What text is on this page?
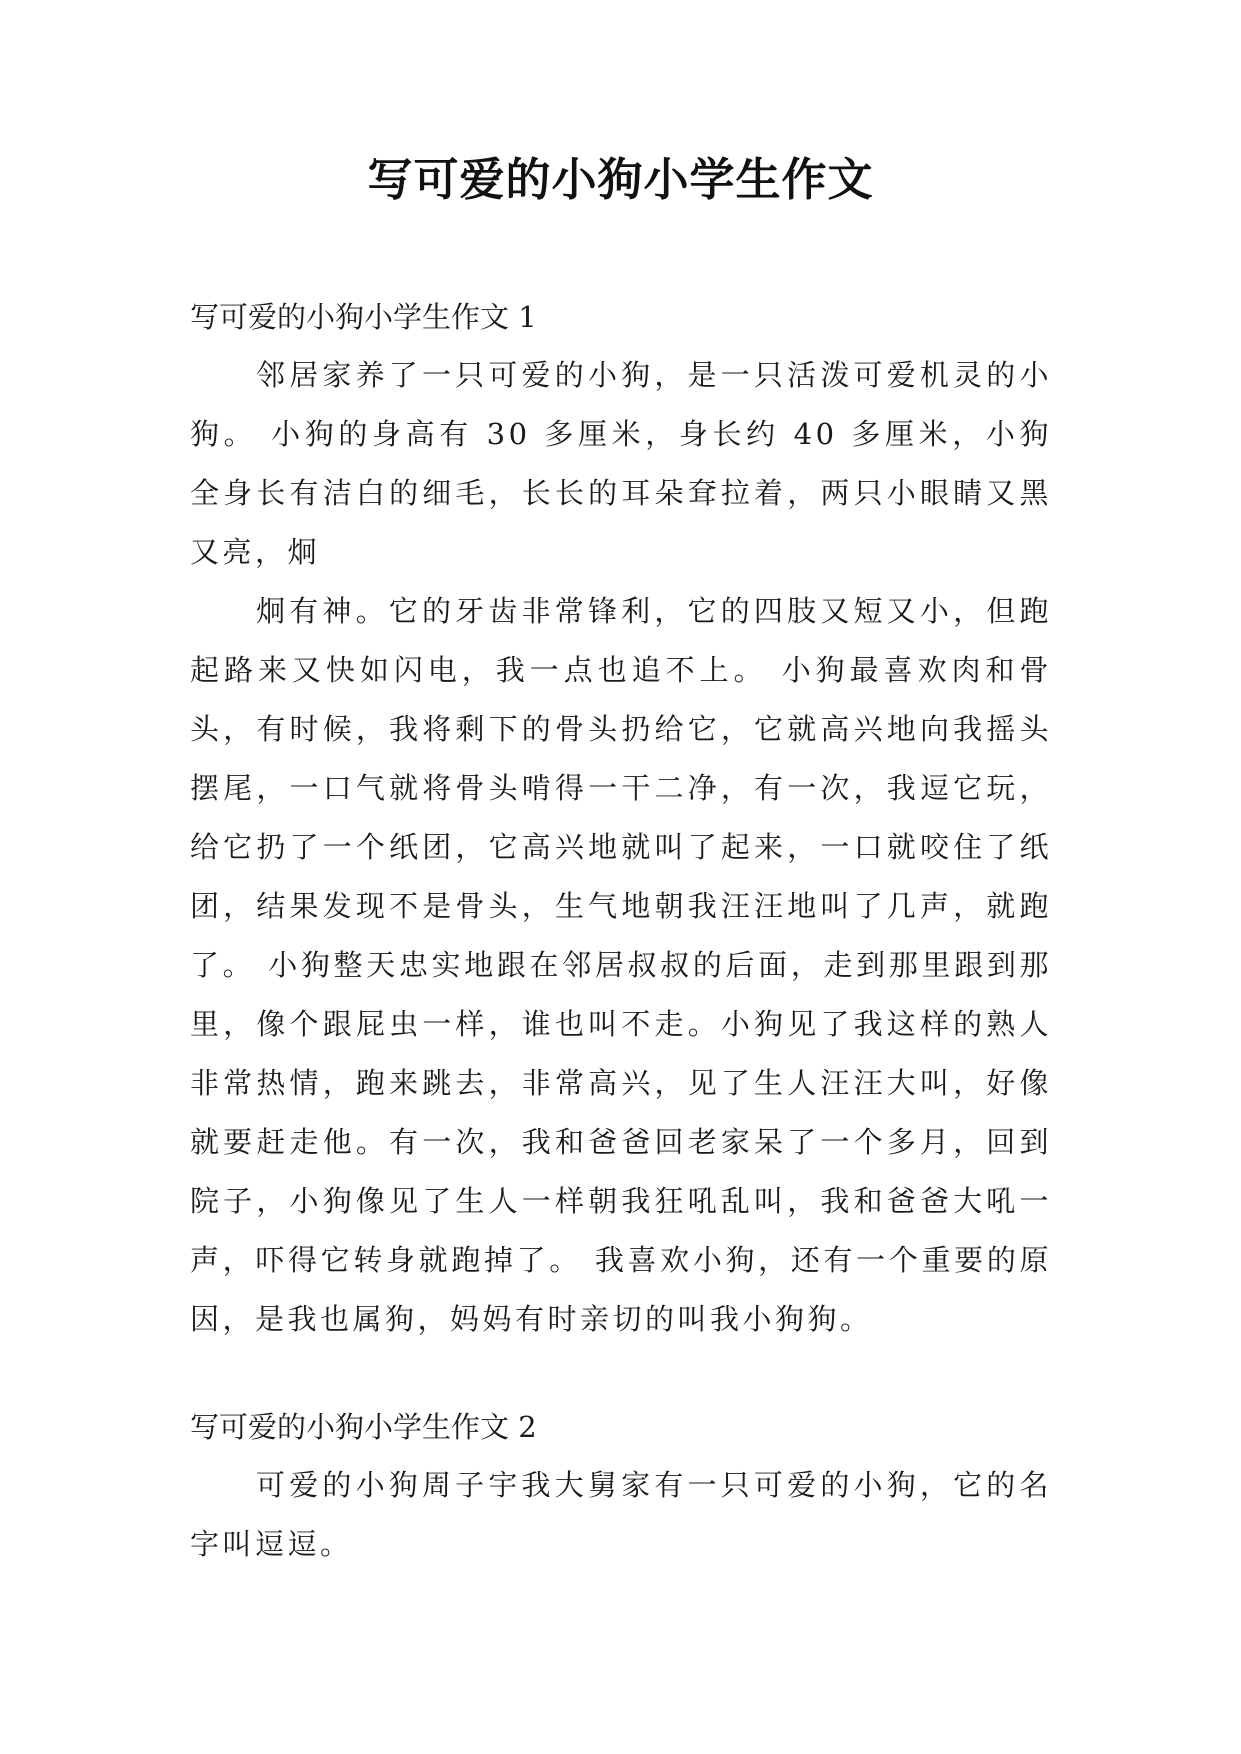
写可爱的小狗小学生作文
写可爱的小狗小学生作文 1

邻居家养了一只可爱的小狗，是一只活泼可爱机灵的小狗。 小狗的身高有 30 多厘米，身长约 40 多厘米，小狗全身长有洁白的细毛，长长的耳朵耷拉着，两只小眼睛又黑又亮，炯

炯有神。它的牙齿非常锋利，它的四肢又短又小，但跑起路来又快如闪电，我一点也追不上。 小狗最喜欢肉和骨头，有时候，我将剩下的骨头扔给它，它就高兴地向我摇头摆尾，一口气就将骨头啃得一干二净，有一次，我逗它玩，给它扔了一个纸团，它高兴地就叫了起来，一口就咬住了纸团，结果发现不是骨头，生气地朝我汪汪地叫了几声，就跑了。 小狗整天忠实地跟在邻居叔叔的后面，走到那里跟到那里，像个跟屁虫一样，谁也叫不走。小狗见了我这样的熟人非常热情，跑来跳去，非常高兴，见了生人汪汪大叫，好像就要赶走他。有一次，我和爸爸回老家呆了一个多月，回到院子，小狗像见了生人一样朝我狂吼乱叫，我和爸爸大吼一声，吓得它转身就跑掉了。 我喜欢小狗，还有一个重要的原因，是我也属狗，妈妈有时亲切的叫我小狗狗。

写可爱的小狗小学生作文 2

可爱的小狗周子宇我大舅家有一只可爱的小狗，它的名字叫逗逗。
